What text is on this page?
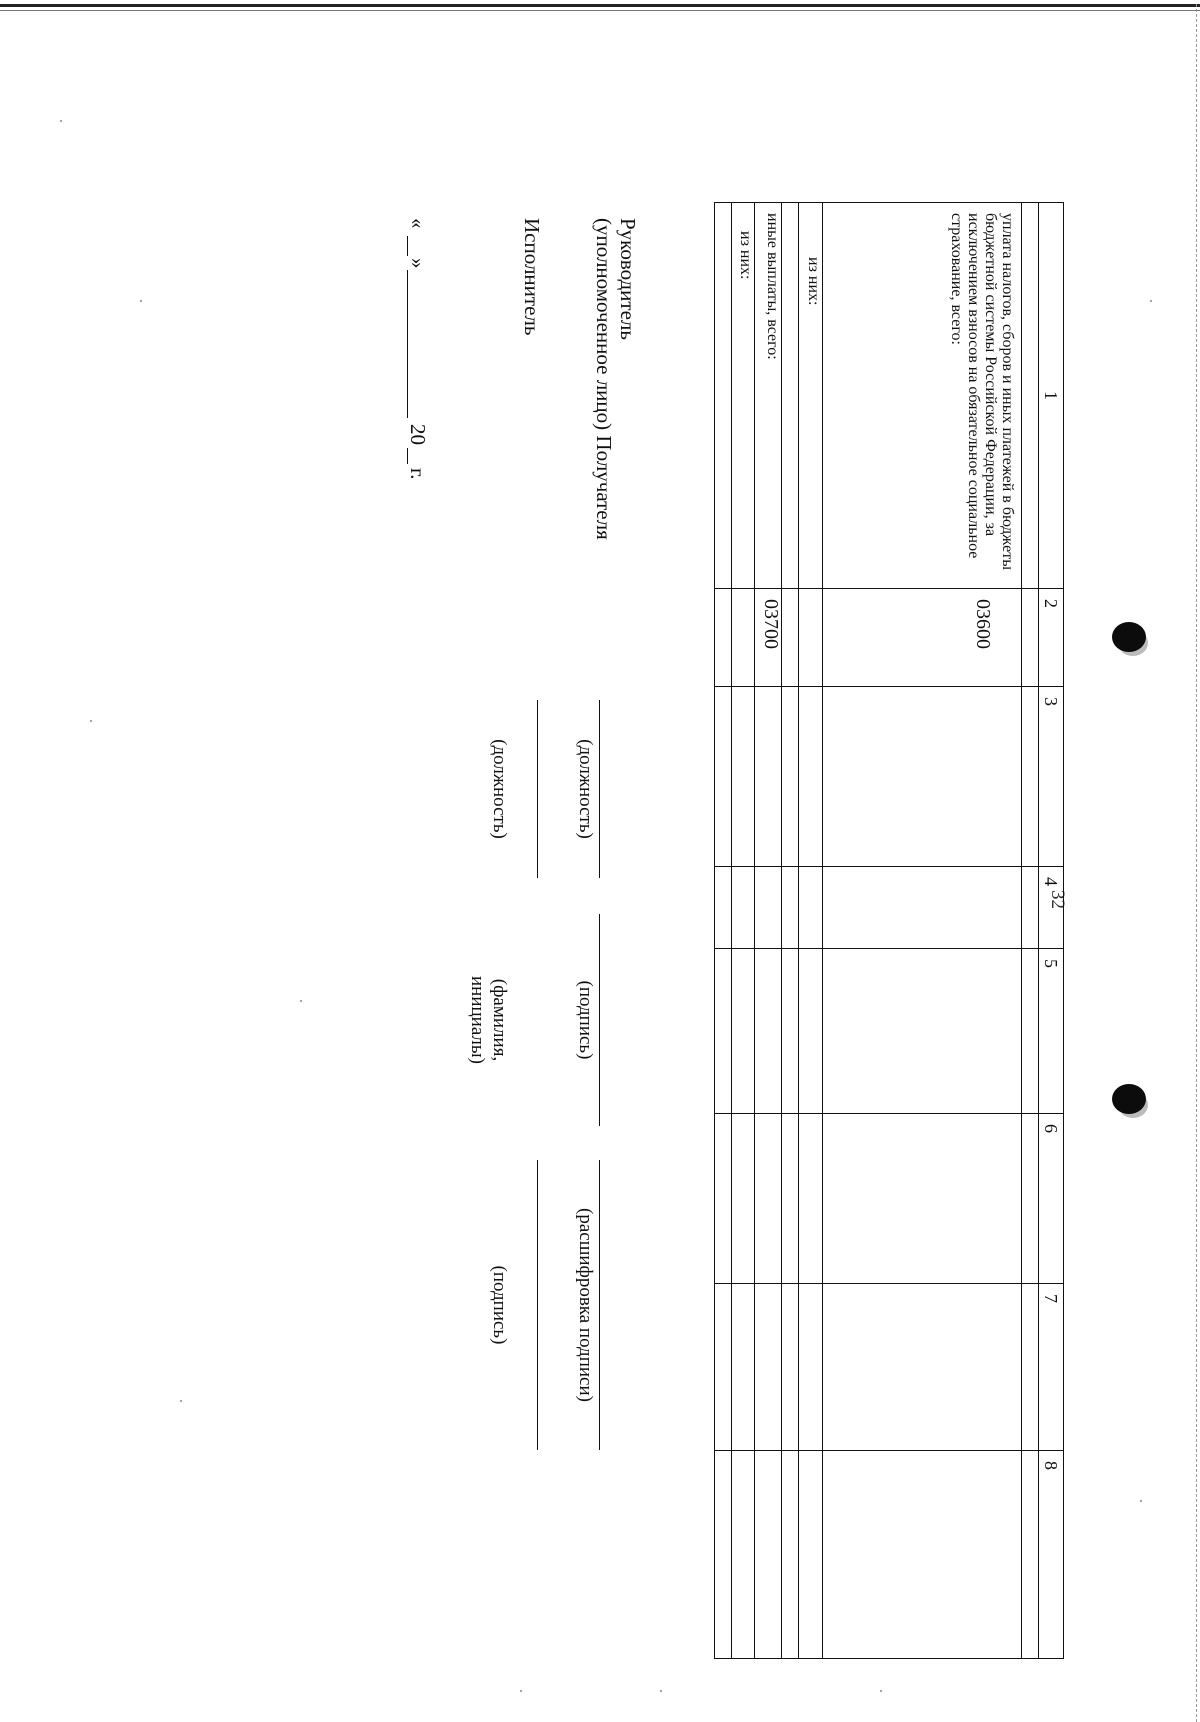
32
1	2	3	4	5	6	7	8

уплата налогов, сборов и иных платежей в бюджеты бюджетной системы Российской Федерации, за исключением взносов на обязательное социальное страхование, всего:	03600						
из них:							

иные выплаты, всего:	03700						
из них:							

Руководитель
(уполномоченное лицо) Получателя
(должность)
(подпись)
(расшифровка подписи)
Исполнитель
(должность)
(фамилия,
инициалы)
(подпись)
«
»
20
г.
